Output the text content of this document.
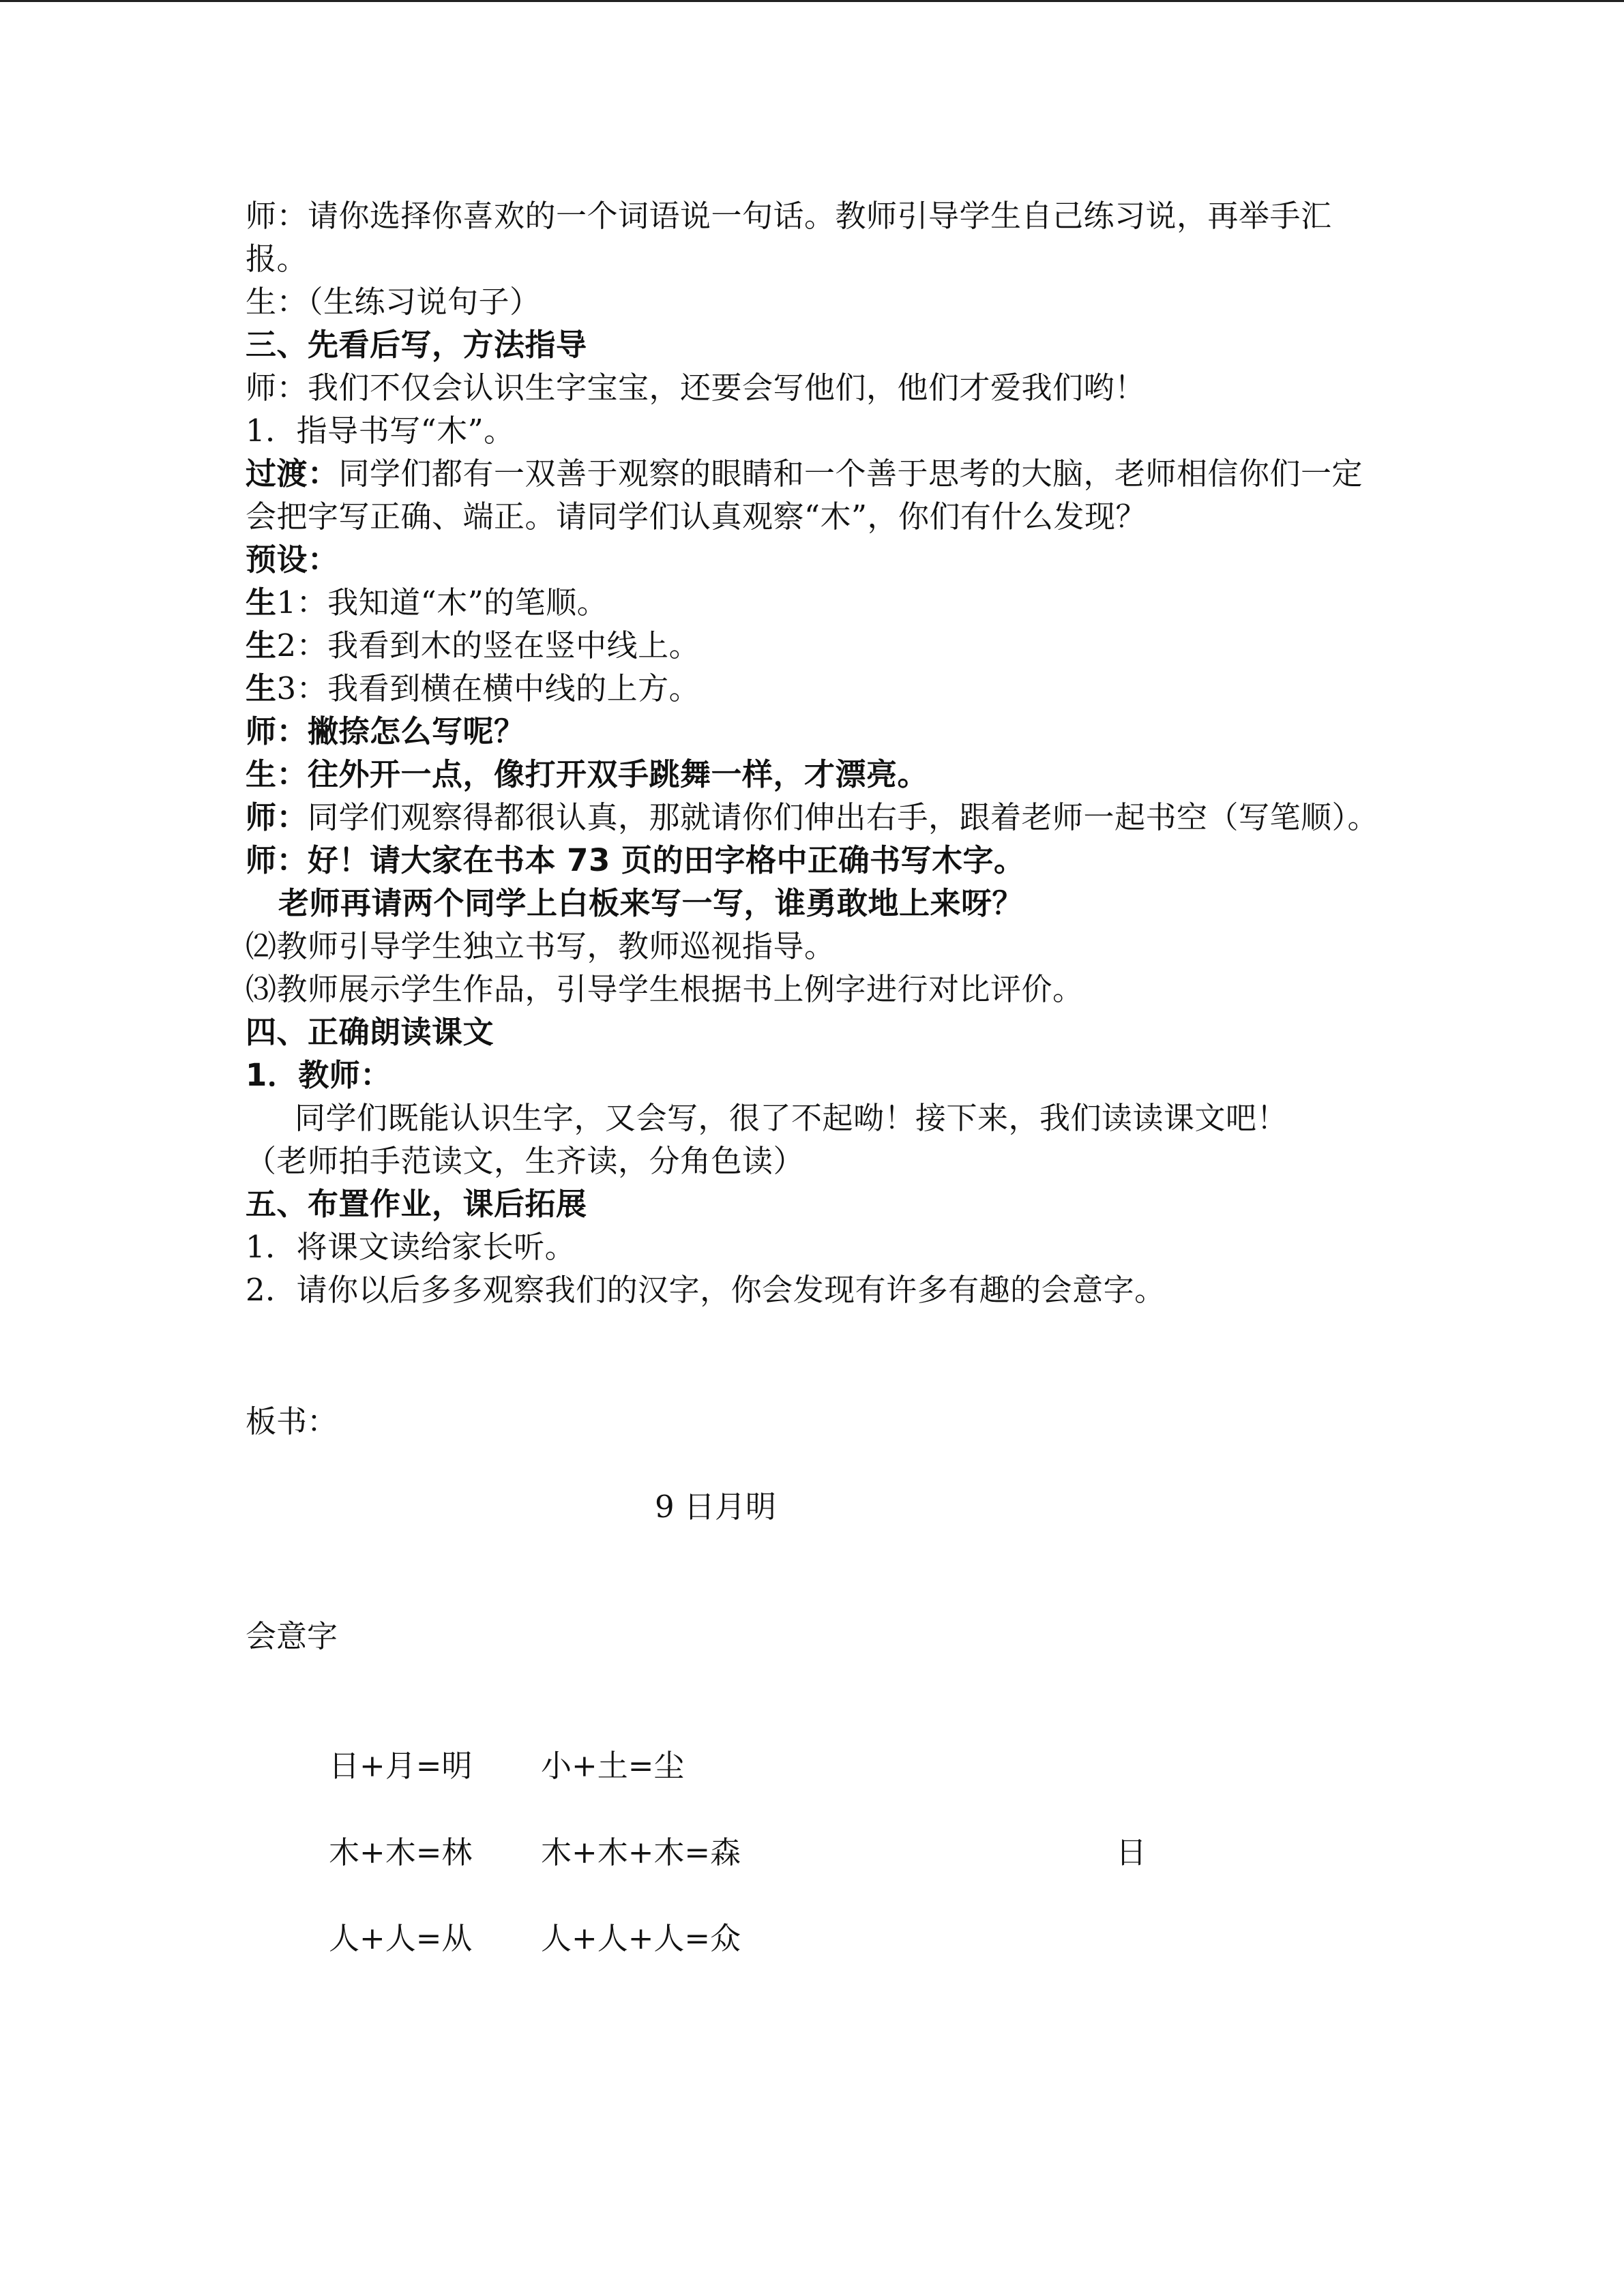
师：请你选择你喜欢的一个词语说一句话。教师引导学生自己练习说，再举手汇报。
生：（生练习说句子）
三、先看后写，方法指导
师：我们不仅会认识生字宝宝，还要会写他们，他们才爱我们哟！
1．指导书写“木”。
过渡：同学们都有一双善于观察的眼睛和一个善于思考的大脑，老师相信你们一定会把字写正确、端正。请同学们认真观察“木”，你们有什么发现？
预设：
生1：我知道“木”的笔顺。
生2：我看到木的竖在竖中线上。
生3：我看到横在横中线的上方。
师：撇捺怎么写呢？
生：往外开一点，像打开双手跳舞一样，才漂亮。
师：同学们观察得都很认真，那就请你们伸出右手，跟着老师一起书空（写笔顺）。
师：好！请大家在书本 73 页的田字格中正确书写木字。
老师再请两个同学上白板来写一写，谁勇敢地上来呀？
⑵教师引导学生独立书写，教师巡视指导。
⑶教师展示学生作品，引导学生根据书上例字进行对比评价。
四、正确朗读课文
1．教师：
同学们既能认识生字，又会写，很了不起呦！接下来，我们读读课文吧！
（老师拍手范读文，生齐读，分角色读）
五、布置作业，课后拓展
1．将课文读给家长听。
2．请你以后多多观察我们的汉字，你会发现有许多有趣的会意字。
板书：
9 日月明
会意字
日+月=明 小+土=尘
木+木=林 木+木+木=森
人+人=从 人+人+人=众
日
